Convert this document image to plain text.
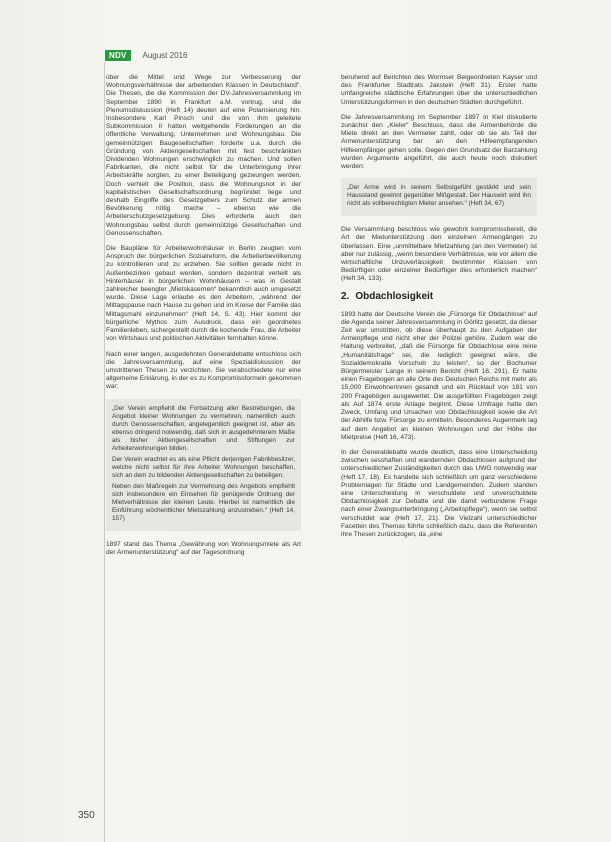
NDV	August 2016

über die Mittel und Wege zur Verbesserung der Wohnungsverhältnisse der arbeitenden Klassen in Deutschland“. Die Thesen, die die Kommission der DV-Jahresversammlung im September 1890 in Frankfurt a.M. vortrug, und die Plenumsdiskussion (Heft 14) deuten auf eine Polarisierung hin. Insbesondere Karl Pinsch und die von ihm geleitete Subkommission II hatten weitgehende Forderungen an die öffentliche Verwaltung, Unternehmen und Wohnungsbau. Die gemeinnützigen Baugesellschaften forderte u.a. durch die Gründung von Aktiengesellschaften mit fest beschränkten Dividenden Wohnungen erschwinglich zu machen. Und sollen Fabrikanten, die nicht selbst für die Unterbringung ihrer Arbeitskräfte sorgten, zu einer Beteiligung gezwungen werden. Doch verhielt die Position, dass die Wohnungsnot in der kapitalistischen Gesellschaftsordnung begründet liege und deshalb Eingriffe des Gesetzgebers zum Schutz der armen Bevölkerung nötig mache – ebenso wie die Arbeiterschutzgesetzgebung. Dies erforderte auch den Wohnungsbau selbst durch gemeinnützige Gesellschaften und Genossenschaften.

Die Baupläne für Arbeiterwohnhäuser in Berlin zeugten vom Anspruch der bürgerlichen Sozialreform, die Arbeiterbevölkerung zu kontrollieren und zu erziehen. Sie sollten gerade nicht in Außenbezirken gebaut werden, sondern dezentral verteilt als Hinterhäuser in bürgerlichen Wohnhäusern – was in Gestalt zahlreicher beengter „Mietskasernen“ bekanntlich auch umgesetzt wurde. Diese Lage erlaube es den Arbeitern, „während der Mittagspause nach Hause zu gehen und im Kreise der Familie das Mittagsmahl einzunehmen“ (Heft 14, S. 43). Hier kommt der bürgerliche Mythos zum Ausdruck, dass ein geordnetes Familienleben, sichergestellt durch die kochende Frau, die Arbeiter von Wirtshaus und politischen Aktivitäten fernhalten könne.

Nach einer langen, ausgedehnten Generaldebatte entschloss sich die Jahresversammlung, auf eine Spezialdiskussion der umstrittenen Thesen zu verzichten. Sie verabschiedete nur eine allgemeine Erklärung, in der es zu Kompromissformeln gekommen war:

„Der Verein empfiehlt die Fortsetzung aller Bestrebungen, die Angebot kleiner Wohnungen zu vermehren, namentlich auch durch Genossenschaften, angelegentlich geeignet ist, aber als ebenso dringend notwendig, daß sich in ausgedehnterem Maße als bisher Aktiengesellschaften und Stiftungen zur Arbeiterwohnungen bilden.

Der Verein erachtet es als eine Pflicht derjenigen Fabrikbesitzer, welche nicht selbst für ihre Arbeiter Wohnungen beschaffen, sich an dem zu bildenden Aktiengesellschaften zu beteiligen.

Neben den Maßregeln zur Vermehrung des Angebots empfiehlt sich insbesondere ein Einsehen für genügende Ordnung der Mietverhältnisse der kleinen Leute. Hierbei ist namentlich die Einführung wöchentlicher Mietszahlung anzustreben.“ (Heft 14, 157)

1897 stand das Thema „Gewährung von Wohnungsmiete als Art der Armenunterstützung“ auf der Tagesordnung

beruhend auf Berichten des Wormser Beigeordneten Kayser und des Frankfurter Stadtrats Jakstein (Heft 31). Erster hatte umfangreiche städtische Erfahrungen über die unterschiedlichen Unterstützungsformen in den deutschen Städten durchgeführt.

Die Jahresversammlung im September 1897 in Kiel diskutierte zunächst den „Kieler“ Beschluss, dass die Armenbehörde die Miete direkt an den Vermieter zahlt, oder ob sie als Teil der Armenunterstützung bar an den Hilfeempfangenden Hilfeempfänger gehen solle. Gegen den Grundsatz der Barzahlung wurden Argumente angeführt, die auch heute noch diskutiert werden:

„Der Arme wird in seinem Selbstgefühl gestärkt und sein Hausstand gewinnt gegenüber Mißgestalt. Der Hauswirt wird ihn nicht als vollberechtigten Mieter ansehen.“ (Heft 34, 67)

Die Versammlung beschloss wie gewohnt kompromissbereit, die Art der Mietunterstützung den einzelnen Armengängen zu überlassen. Eine „unmittelbare Mietzahlung (an den Vermieter) ist aber nur zulässig, „wenn besondere Verhältnisse, wie vor allem die wirtschaftliche Unzuverlässigkeit bestimmter Klassen von Bedürftigen oder einzelner Bedürftiger dies erforderlich machen“ (Heft 34, 133).

2. Obdachlosigkeit

1893 hatte der Deutsche Verein die „Fürsorge für Obdachlose“ auf die Agenda seiner Jahresversammlung in Görlitz gesetzt, da dieser Zeit war umstritten, ob diese überhaupt zu den Aufgaben der Armenpflege und nicht eher der Polizei gehöre. Zudem war die Haltung verbreitet, „daß die Fürsorge für Obdachlose eine reine „Humanitätsfrage“ sei, die lediglich geeignet wäre, die Sozialdemokratie Vorschub zu leisten“, so der Bochumer Bürgermeister Lange in seinem Bericht (Heft 16, 291). Er hatte einen Fragebogen an alle Orte des Deutschen Reichs mit mehr als 15.000 Einwohnerinnen gesandt und ein Rücklauf von 181 von 200 Fragebögen ausgewertet. Die ausgefüllten Fragebögen zeigt als Auf 1874 erste Anlage beginnt. Diese Umfrage hatte den Zweck, Umfang und Ursachen von Obdachlosigkeit sowie die Art der Abhilfe bzw. Fürsorge zu ermitteln. Besonderes Augenmerk lag auf dem Angebot an kleinen Wohnungen und der Höhe der Mietpreise (Heft 16, 473).

In der Generaldebatte wurde deutlich, dass eine Unterscheidung zwischen sesshaften und wandernden Obdachlosen aufgrund der unterschiedlichen Zuständigkeiten durch das UWG notwendig war (Heft 17, 18). Es handelte sich schließlich um ganz verschiedene Problemlagen für Städte und Landgemeinden. Zudem standen eine Unterscheidung in verschuldete und unverschuldete Obdachlosigkeit zur Debatte und die damit verbundene Frage nach einer Zwangsunterbringung („Arbeitspflege“), wenn sie selbst verschuldet war (Heft 17, 21). Die Vielzahl unterschiedlicher Facetten des Themas führte schließlich dazu, dass die Referenten ihre Thesen zurückzogen, da „eine

350
